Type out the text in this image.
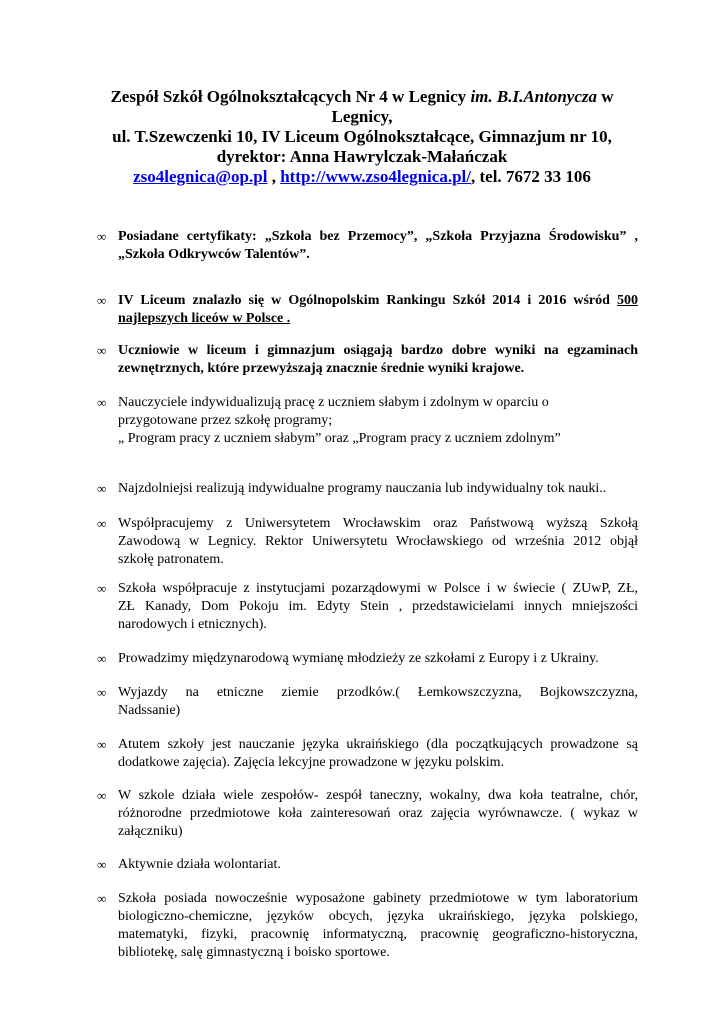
Zespół Szkół Ogólnokształcących Nr 4 w Legnicy im. B.I.Antonycza w
Legnicy,
ul. T.Szewczenki 10, IV Liceum Ogólnokształcące, Gimnazjum nr 10,
dyrektor: Anna Hawrylczak-Małańczak
zso4legnica@op.pl , http://www.zso4legnica.pl/, tel. 7672 33 106
∞ Posiadane certyfikaty: „Szkoła bez Przemocy”, „Szkoła Przyjazna Środowisku” ,
„Szkoła Odkrywców Talentów”.
∞ IV Liceum znalazło się w Ogólnopolskim Rankingu Szkół 2014 i 2016 wśród 500
najlepszych liceów w Polsce .
∞ Uczniowie w liceum i gimnazjum osiągają bardzo dobre wyniki na egzaminach
zewnętrznych, które przewyższają znacznie średnie wyniki krajowe.
∞ Nauczyciele indywidualizują pracę z uczniem słabym i zdolnym w oparciu o
przygotowane przez szkołę programy;
„ Program pracy z uczniem słabym” oraz „Program pracy z uczniem zdolnym”
∞ Najzdolniejsi realizują indywidualne programy nauczania lub indywidualny tok nauki..
∞ Współpracujemy z Uniwersytetem Wrocławskim oraz Państwową wyższą Szkołą
Zawodową w Legnicy. Rektor Uniwersytetu Wrocławskiego od września 2012 objął
szkołę patronatem.
∞ Szkoła współpracuje z instytucjami pozarządowymi w Polsce i w świecie ( ZUwP, ZŁ,
ZŁ Kanady, Dom Pokoju im. Edyty Stein , przedstawicielami innych mniejszości
narodowych i etnicznych).
∞ Prowadzimy międzynarodową wymianę młodzieży ze szkołami z Europy i z Ukrainy.
∞ Wyjazdy na etniczne ziemie przodków.( Łemkowszczyzna, Bojkowszczyzna,
Nadssanie)
∞ Atutem szkoły jest nauczanie języka ukraińskiego (dla początkujących prowadzone są
dodatkowe zajęcia). Zajęcia lekcyjne prowadzone w języku polskim.
∞ W szkole działa wiele zespołów- zespół taneczny, wokalny, dwa koła teatralne, chór,
różnorodne przedmiotowe koła zainteresowań oraz zajęcia wyrównawcze. ( wykaz w
załączniku)
∞ Aktywnie działa wolontariat.
∞ Szkoła posiada nowocześnie wyposażone gabinety przedmiotowe w tym laboratorium
biologiczno-chemiczne, języków obcych, języka ukraińskiego, języka polskiego,
matematyki, fizyki, pracownię informatyczną, pracownię geograficzno-historyczna,
bibliotekę, salę gimnastyczną i boisko sportowe.
